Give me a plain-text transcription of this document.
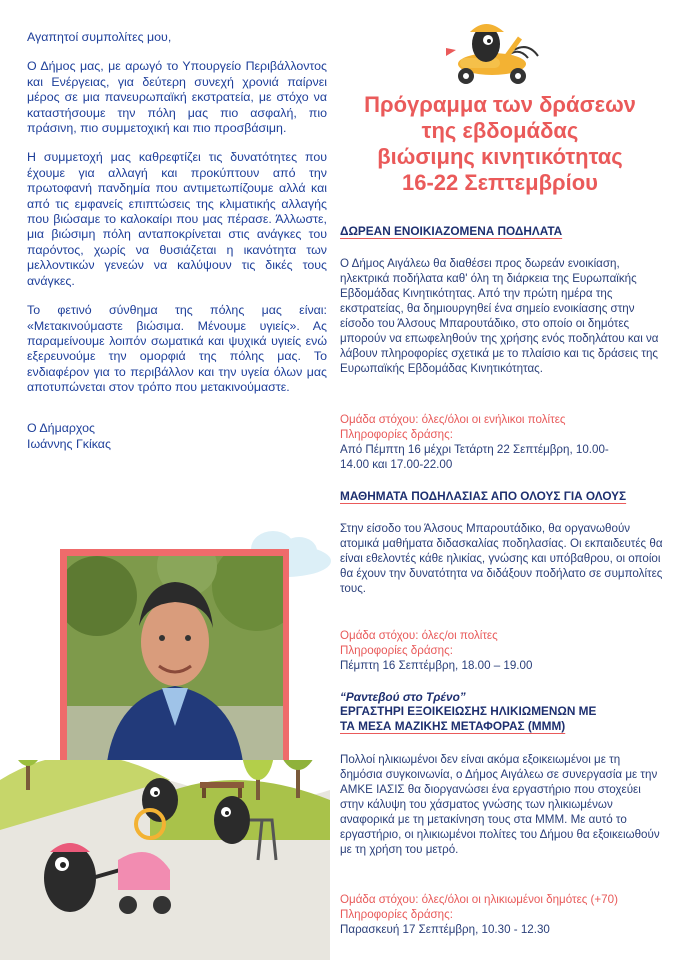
Αγαπητοί συμπολίτες μου,

Ο Δήμος μας, με αρωγό το Υπουργείο Περιβάλλοντος και Ενέργειας, για δεύτερη συνεχή χρονιά παίρνει μέρος σε μια πανευρωπαϊκή εκστρατεία, με στόχο να καταστήσουμε την πόλη μας πιο ασφαλή, πιο πράσινη, πιο συμμετοχική και πιο προσβάσιμη.

Η συμμετοχή μας καθρεφτίζει τις δυνατότητες που έχουμε για αλλαγή και προκύπτουν από την πρωτοφανή πανδημία που αντιμετωπίζουμε αλλά και από τις εμφανείς επιπτώσεις της κλιματικής αλλαγής που βιώσαμε το καλοκαίρι που μας πέρασε. Άλλωστε, μια βιώσιμη πόλη ανταποκρίνεται στις ανάγκες του παρόντος, χωρίς να θυσιάζεται η ικανότητα των μελλοντικών γενεών να καλύψουν τις δικές τους ανάγκες.

Το φετινό σύνθημα της πόλης μας είναι: «Μετακινούμαστε βιώσιμα. Μένουμε υγιείς». Ας παραμείνουμε λοιπόν σωματικά και ψυχικά υγιείς ενώ εξερευνούμε την ομορφιά της πόλης μας. Το ενδιαφέρον για το περιβάλλον και την υγεία όλων μας αποτυπώνεται στον τρόπο που μετακινούμαστε.

Ο Δήμαρχος
Ιωάννης Γκίκας
Πρόγραμμα των δράσεων
της εβδομάδας
βιώσιμης κινητικότητας
16-22 Σεπτεμβρίου
ΔΩΡΕΑΝ ΕΝΟΙΚΙΑΖΟΜΕΝΑ ΠΟΔΗΛΑΤΑ
Ο Δήμος Αιγάλεω θα διαθέσει προς δωρεάν ενοικίαση, ηλεκτρικά ποδήλατα καθ' όλη τη διάρκεια της Ευρωπαϊκής Εβδομάδας Κινητικότητας. Από την πρώτη ημέρα της εκστρατείας, θα δημιουργηθεί ένα σημείο ενοικίασης στην είσοδο του Άλσους Μπαρουτάδικο, στο οποίο οι δημότες μπορούν να επωφεληθούν της χρήσης ενός ποδηλάτου και να λάβουν πληροφορίες σχετικά με το πλαίσιο και τις δράσεις της Ευρωπαϊκής Εβδομάδας Κινητικότητας.
Ομάδα στόχου: όλες/όλοι οι ενήλικοι πολίτες
Πληροφορίες δράσης:
Από Πέμπτη 16 μέχρι Τετάρτη 22 Σεπτέμβρη, 10.00-14.00 και 17.00-22.00
ΜΑΘΗΜΑΤΑ ΠΟΔΗΛΑΣΙΑΣ ΑΠΟ ΟΛΟΥΣ ΓΙΑ ΟΛΟΥΣ
Στην είσοδο του Άλσους Μπαρουτάδικο, θα οργανωθούν ατομικά μαθήματα διδασκαλίας ποδηλασίας. Οι εκπαιδευτές θα είναι εθελοντές κάθε ηλικίας, γνώσης και υπόβαθρου, οι οποίοι θα έχουν την δυνατότητα να διδάξουν ποδήλατο σε συμπολίτες τους.
Ομάδα στόχου: όλες/οι πολίτες
Πληροφορίες δράσης:
Πέμπτη 16 Σεπτέμβρη, 18.00 – 19.00
“Ραντεβού στο Τρένο”
ΕΡΓΑΣΤΗΡΙ ΕΞΟΙΚΕΙΩΣΗΣ ΗΛΙΚΙΩΜΕΝΩΝ ΜΕ
ΤΑ ΜΕΣΑ ΜΑΖΙΚΗΣ ΜΕΤΑΦΟΡΑΣ (ΜΜΜ)
Πολλοί ηλικιωμένοι δεν είναι ακόμα εξοικειωμένοι με τη δημόσια συγκοινωνία, ο Δήμος Αιγάλεω σε συνεργασία με την ΑΜΚΕ ΙΑΣΙΣ θα διοργανώσει ένα εργαστήριο που στοχεύει στην κάλυψη του χάσματος γνώσης των ηλικιωμένων αναφορικά με τη μετακίνηση τους στα ΜΜΜ. Με αυτό το εργαστήριο, οι ηλικιωμένοι πολίτες του Δήμου θα εξοικειωθούν με τη χρήση του μετρό.
Ομάδα στόχου: όλες/όλοι οι ηλικιωμένοι δημότες (+70)
Πληροφορίες δράσης:
Παρασκευή 17 Σεπτέμβρη, 10.30 - 12.30
